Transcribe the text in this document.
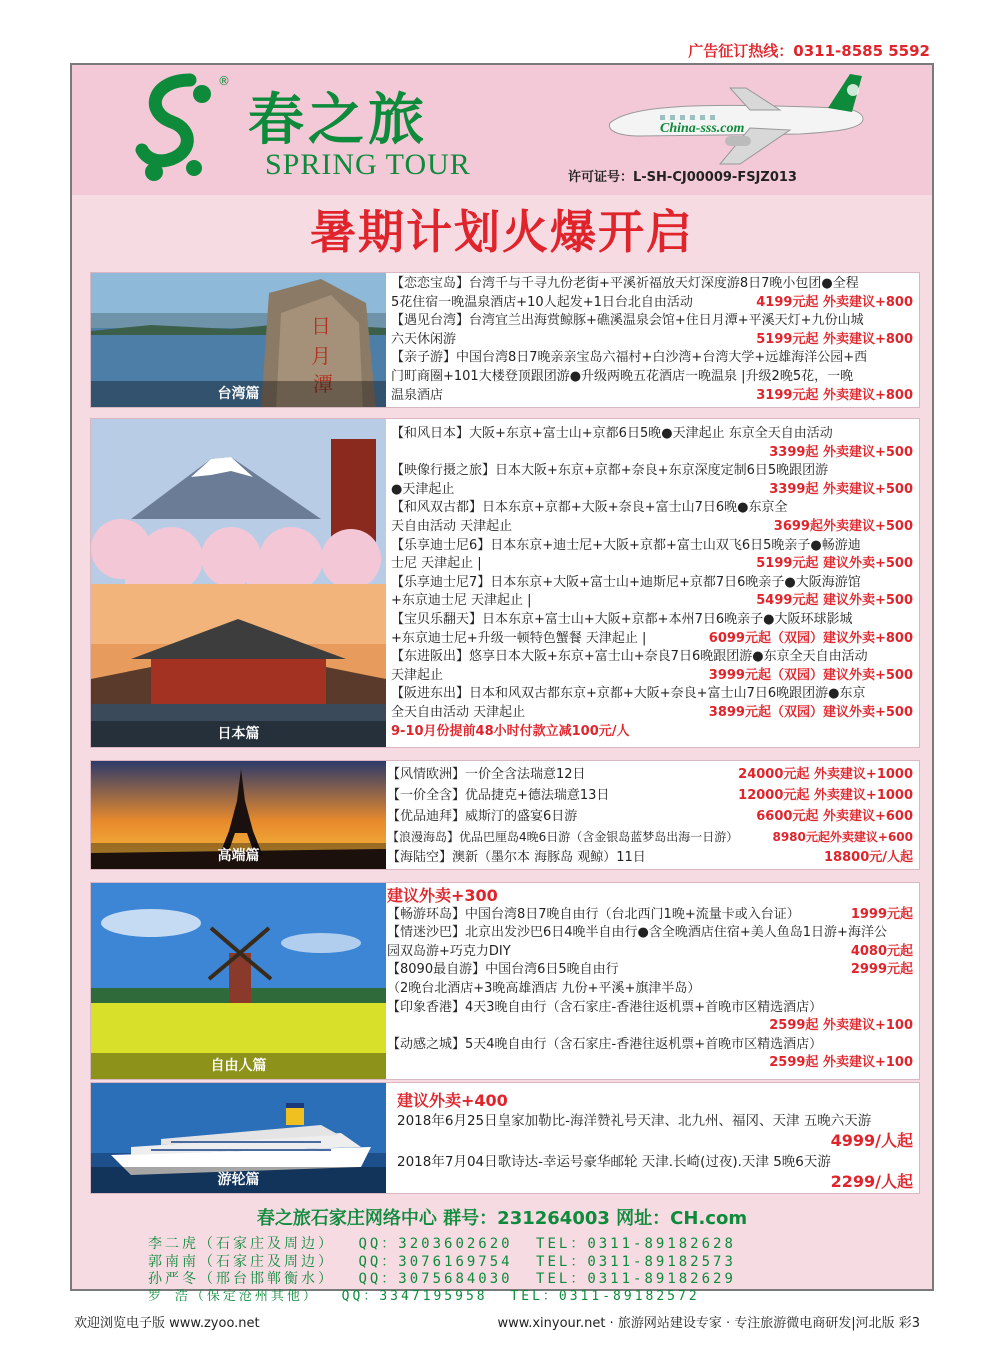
广告征订热线：0311-8585 5592
®
春之旅
SPRING TOUR
China-sss.com
许可证号：L-SH-CJ00009-FSJZ013
暑期计划火爆开启
日
月
潭
台湾篇
【恋恋宝岛】台湾千与千寻九份老街+平溪祈福放天灯深度游8日7晚小包团●全程
5花住宿一晚温泉酒店+10人起发+1日台北自由活动	4199元起 外卖建议+800
【遇见台湾】台湾宜兰出海赏鲸豚+礁溪温泉会馆+住日月潭+平溪天灯+九份山城
六天休闲游	5199元起 外卖建议+800
【亲子游】中国台湾8日7晚亲亲宝岛六福村+白沙湾+台湾大学+远雄海洋公园+西
门町商圈+101大楼登顶跟团游●升级两晚五花酒店一晚温泉 |升级2晚5花，一晚
温泉酒店	3199元起 外卖建议+800
日本篇
【和风日本】大阪+东京+富士山+京都6日5晚●天津起止 东京全天自由活动
3399起 外卖建议+500
【映像行摄之旅】日本大阪+东京+京都+奈良+东京深度定制6日5晚跟团游
●天津起止	3399起 外卖建议+500
【和风双古都】日本东京+京都+大阪+奈良+富士山7日6晚●东京全
天自由活动 天津起止	3699起外卖建议+500
【乐享迪士尼6】日本东京+迪士尼+大阪+京都+富士山双飞6日5晚亲子●畅游迪
士尼 天津起止 |	5199元起 建议外卖+500
【乐享迪士尼7】日本东京+大阪+富士山+迪斯尼+京都7日6晚亲子●大阪海游馆
+东京迪士尼 天津起止 |	5499元起 建议外卖+500
【宝贝乐翻天】日本东京+富士山+大阪+京都+本州7日6晚亲子●大阪环球影城
+东京迪士尼+升级一顿特色蟹餐 天津起止 |	6099元起（双园）建议外卖+800
【东进阪出】悠享日本大阪+东京+富士山+奈良7日6晚跟团游●东京全天自由活动
天津起止	3999元起（双园）建议外卖+500
【阪进东出】日本和风双古都东京+京都+大阪+奈良+富士山7日6晚跟团游●东京
全天自由活动 天津起止	3899元起（双园）建议外卖+500
9-10月份提前48小时付款立减100元/人
高端篇
【风情欧洲】一价全含法瑞意12日	24000元起 外卖建议+1000
【一价全含】优品捷克+德法瑞意13日	12000元起 外卖建议+1000
【优品迪拜】威斯汀的盛宴6日游	6600元起 外卖建议+600
【浪漫海岛】优品巴厘岛4晚6日游（含金银岛蓝梦岛出海一日游）	8980元起外卖建议+600
【海陆空】澳新（墨尔本 海豚岛 观鲸）11日	18800元/人起
自由人篇
建议外卖+300
【畅游环岛】中国台湾8日7晚自由行（台北西门1晚+流量卡或入台证）	1999元起
【情迷沙巴】北京出发沙巴6日4晚半自由行●含全晚酒店住宿+美人鱼岛1日游+海洋公
园双岛游+巧克力DIY	4080元起
【8090最自游】中国台湾6日5晚自由行	2999元起
（2晚台北酒店+3晚高雄酒店 九份+平溪+旗津半岛）
【印象香港】4天3晚自由行（含石家庄-香港往返机票+首晚市区精选酒店）
2599起 外卖建议+100
【动感之城】5天4晚自由行（含石家庄-香港往返机票+首晚市区精选酒店）
2599起 外卖建议+100
游轮篇
建议外卖+400
2018年6月25日皇家加勒比-海洋赞礼号天津、北九州、福冈、天津 五晚六天游
4999/人起
2018年7月04日歌诗达-幸运号豪华邮轮 天津.长崎(过夜).天津 5晚6天游
2299/人起
春之旅石家庄网络中心 群号：231264003 网址：CH.com
李二虎（石家庄及周边） QQ：3203602620 TEL：0311-89182628
郭南南（石家庄及周边） QQ：3076169754 TEL：0311-89182573
孙严冬（邢台邯郸衡水） QQ：3075684030 TEL：0311-89182629
罗 浩（保定沧州其他） QQ：3347195958 TEL：0311-89182572
欢迎浏览电子版 www.zyoo.net	www.xinyour.net · 旅游网站建设专家 · 专注旅游微电商研发|河北版 彩3
